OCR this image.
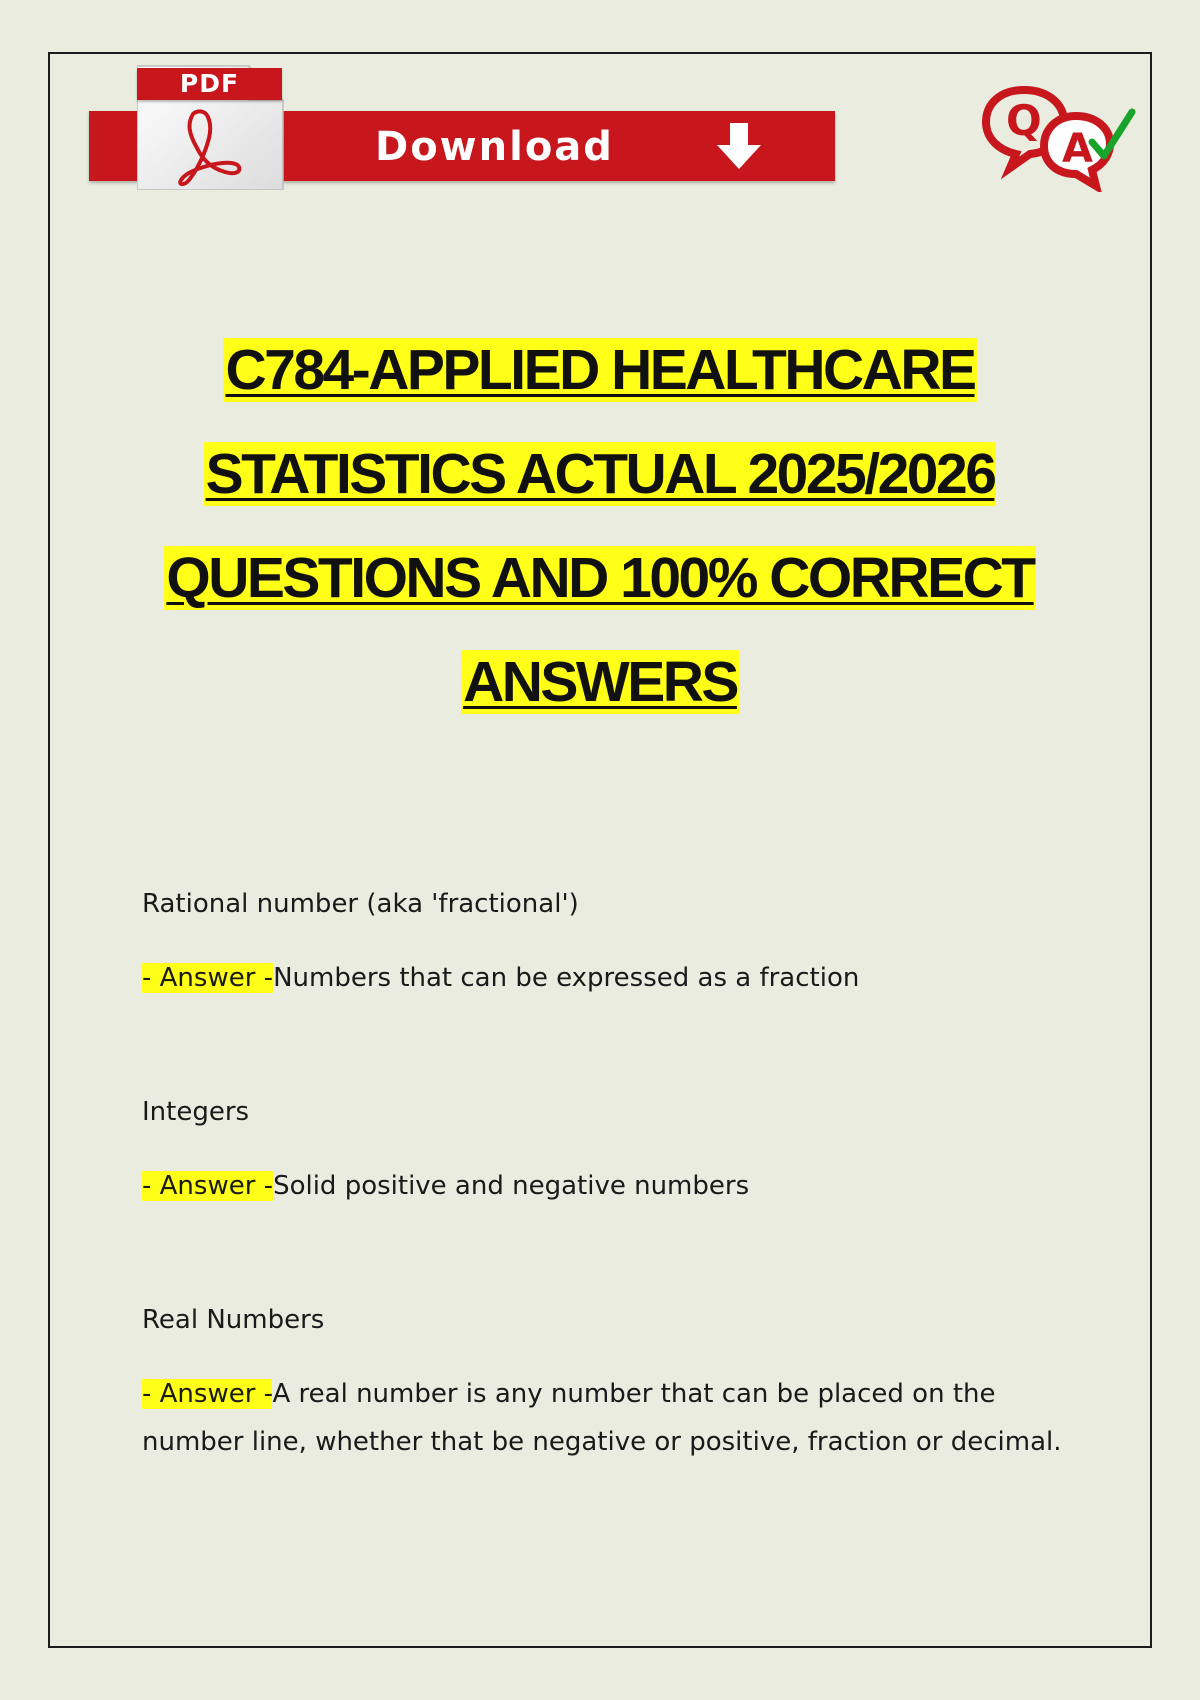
PDF
Download
Q
A
C784-APPLIED HEALTHCARE
STATISTICS ACTUAL 2025/2026
QUESTIONS AND 100% CORRECT
ANSWERS
Rational number (aka 'fractional')
- Answer -Numbers that can be expressed as a fraction
Integers
- Answer -Solid positive and negative numbers
Real Numbers
- Answer -A real number is any number that can be placed on the number line, whether that be negative or positive, fraction or decimal.
